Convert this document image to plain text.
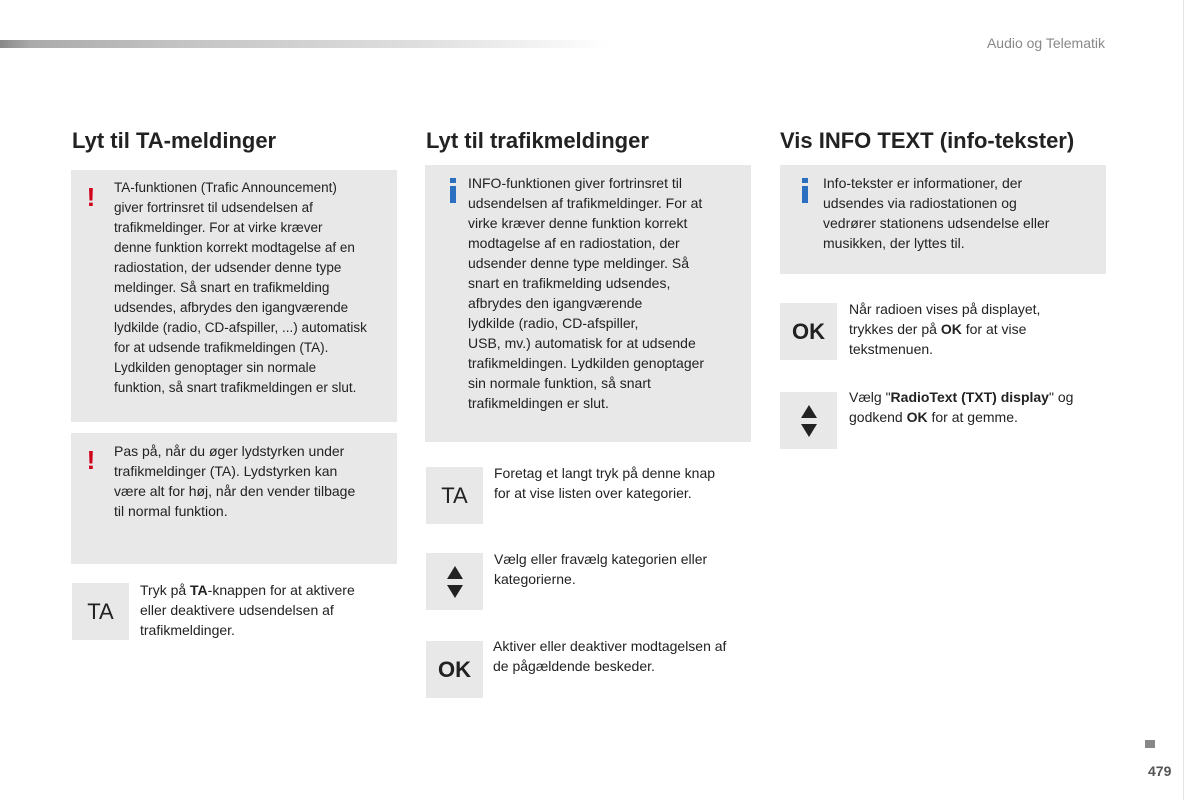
Audio og Telematik
Lyt til TA-meldinger
! TA-funktionen (Trafic Announcement)
giver fortrinsret til udsendelsen af
trafikmeldinger. For at virke kræver
denne funktion korrekt modtagelse af en
radiostation, der udsender denne type
meldinger. Så snart en trafikmelding
udsendes, afbrydes den igangværende
lydkilde (radio, CD-afspiller, ...) automatisk
for at udsende trafikmeldingen (TA).
Lydkilden genoptager sin normale
funktion, så snart trafikmeldingen er slut.
! Pas på, når du øger lydstyrken under
trafikmeldinger (TA). Lydstyrken kan
være alt for høj, når den vender tilbage
til normal funktion.
TA
Tryk på TA-knappen for at aktivere
eller deaktivere udsendelsen af
trafikmeldinger.
Lyt til trafikmeldinger
INFO-funktionen giver fortrinsret til
udsendelsen af trafikmeldinger. For at
virke kræver denne funktion korrekt
modtagelse af en radiostation, der
udsender denne type meldinger. Så
snart en trafikmelding udsendes,
afbrydes den igangværende
lydkilde (radio, CD-afspiller,
USB, mv.) automatisk for at udsende
trafikmeldingen. Lydkilden genoptager
sin normale funktion, så snart
trafikmeldingen er slut.
TA
Foretag et langt tryk på denne knap
for at vise listen over kategorier.
Vælg eller fravælg kategorien eller
kategorierne.
OK
Aktiver eller deaktiver modtagelsen af
de pågældende beskeder.
Vis INFO TEXT (info-tekster)
Info-tekster er informationer, der
udsendes via radiostationen og
vedrører stationens udsendelse eller
musikken, der lyttes til.
OK
Når radioen vises på displayet,
trykkes der på OK for at vise
tekstmenuen.
Vælg "RadioText (TXT) display" og
godkend OK for at gemme.
479
